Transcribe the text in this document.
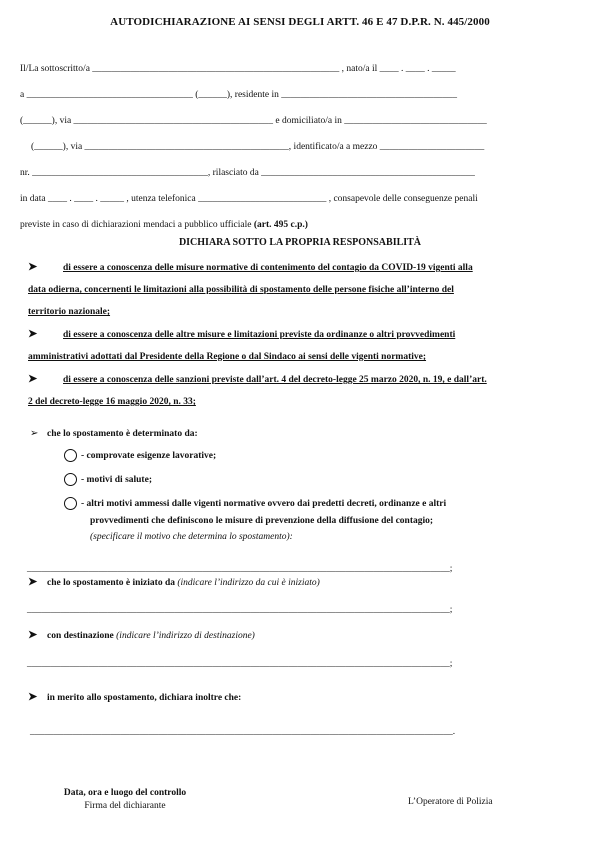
AUTODICHIARAZIONE AI SENSI DEGLI ARTT. 46 E 47 D.P.R. N. 445/2000
Il/La sottoscritto/a ____________________________________________________ , nato/a il ____ . ____ . _____
a ___________________________________ (______), residente in _____________________________________
(______), via __________________________________________ e domiciliato/a in ______________________________
(______), via ___________________________________________, identificato/a a mezzo ______________________
nr. _____________________________________, rilasciato da _____________________________________________
in data ____ . ____ . _____ , utenza telefonica ___________________________ , consapevole delle conseguenze penali
previste in caso di dichiarazioni mendaci a pubblico ufficiale (art. 495 c.p.)
DICHIARA SOTTO LA PROPRIA RESPONSABILITÀ
➤	di essere a conoscenza delle misure normative di contenimento del contagio da COVID-19 vigenti alla
data odierna, concernenti le limitazioni alla possibilità di spostamento delle persone fisiche all’interno del
territorio nazionale;
➤	di essere a conoscenza delle altre misure e limitazioni previste da ordinanze o altri provvedimenti
amministrativi adottati dal Presidente della Regione o dal Sindaco ai sensi delle vigenti normative;
➤	di essere a conoscenza delle sanzioni previste dall’art. 4 del decreto-legge 25 marzo 2020, n. 19, e dall’art.
2 del decreto-legge 16 maggio 2020, n. 33;
➢ che lo spostamento è determinato da:
- comprovate esigenze lavorative;
- motivi di salute;
- altri motivi ammessi dalle vigenti normative ovvero dai predetti decreti, ordinanze e altri
provvedimenti che definiscono le misure di prevenzione della diffusione del contagio;
(specificare il motivo che determina lo spostamento):
_________________________________________________________________________________________;
➤ che lo spostamento è iniziato da (indicare l’indirizzo da cui è iniziato)
_________________________________________________________________________________________;
➤ con destinazione (indicare l’indirizzo di destinazione)
_________________________________________________________________________________________;
➤ in merito allo spostamento, dichiara inoltre che:
_________________________________________________________________________________________.
Data, ora e luogo del controllo
Firma del dichiarante	L’Operatore di Polizia
